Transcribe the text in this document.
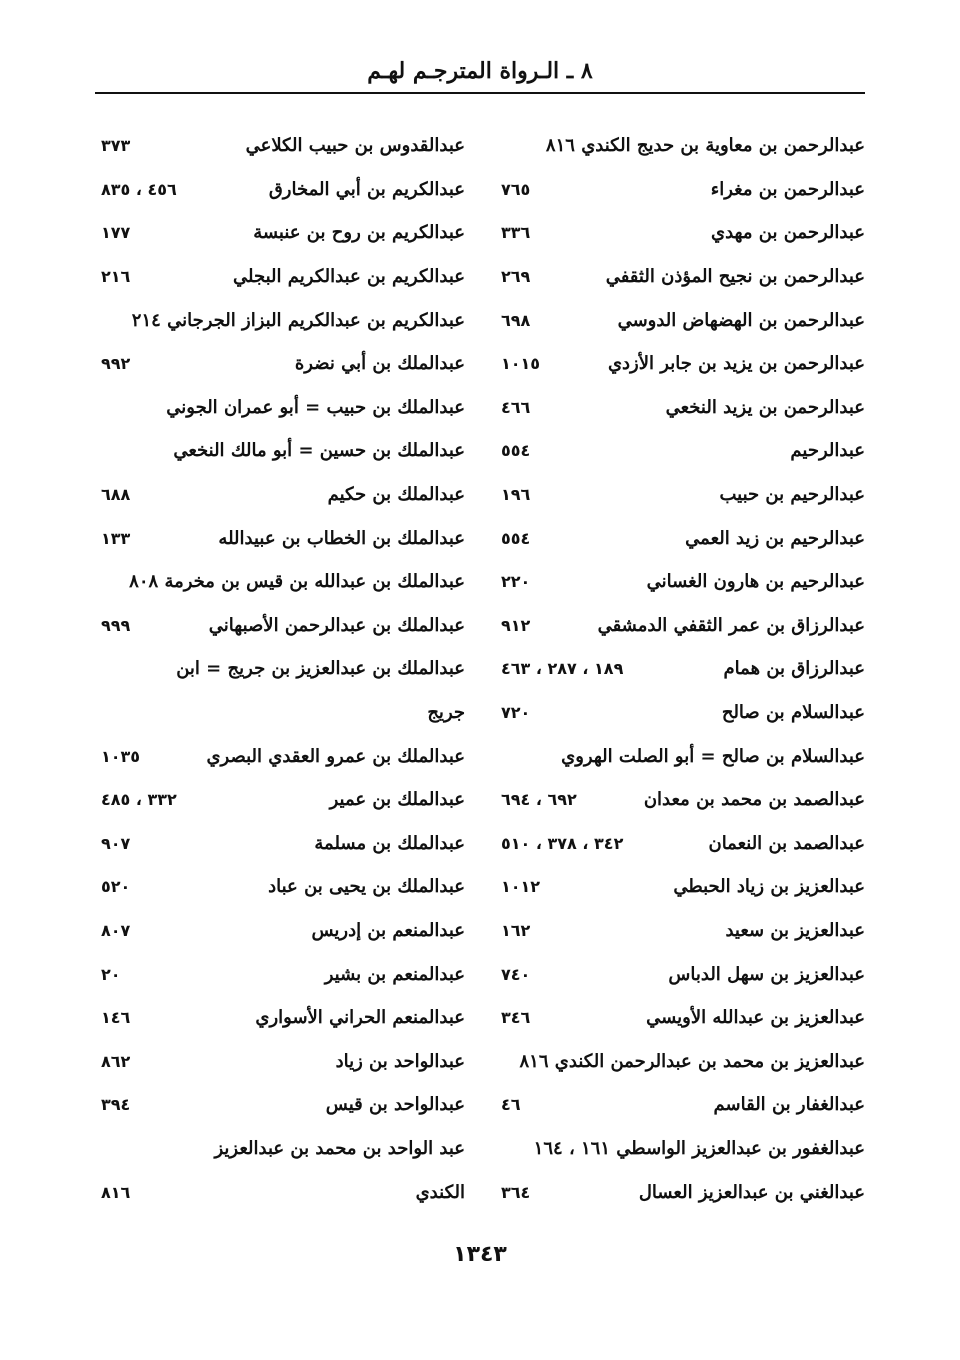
٨ ـ الـرواة المترجـم لهـم
عبدالرحمن بن معاوية بن حديج الكندي ٨١٦
عبدالرحمن بن مغراء
٧٦٥
عبدالرحمن بن مهدي
٣٣٦
عبدالرحمن بن نجيح المؤذن الثقفي
٢٦٩
عبدالرحمن بن الهضهاض الدوسي
٦٩٨
عبدالرحمن بن يزيد بن جابر الأزدي
١٠١٥
عبدالرحمن بن يزيد النخعي
٤٦٦
عبدالرحيم
٥٥٤
عبدالرحيم بن حبيب
١٩٦
عبدالرحيم بن زيد العمي
٥٥٤
عبدالرحيم بن هارون الغساني
٢٢٠
عبدالرزاق بن عمر الثقفي الدمشقي
٩١٢
عبدالرزاق بن همام
١٨٩ ، ٢٨٧ ، ٤٦٣
عبدالسلام بن صالح
٧٢٠
عبدالسلام بن صالح = أبو الصلت الهروي
عبدالصمد بن محمد بن معدان
٦٩٢ ، ٦٩٤
عبدالصمد بن النعمان
٣٤٢ ، ٣٧٨ ، ٥١٠
عبدالعزيز بن زياد الحبطي
١٠١٢
عبدالعزيز بن سعيد
١٦٢
عبدالعزيز بن سهل الدباس
٧٤٠
عبدالعزيز بن عبدالله الأويسي
٣٤٦
عبدالعزيز بن محمد بن عبدالرحمن الكندي ٨١٦
عبدالغفار بن القاسم
٤٦
عبدالغفور بن عبدالعزيز الواسطي ١٦١ ، ١٦٤
عبدالغني بن عبدالعزيز العسال
٣٦٤
عبدالقدوس بن حبيب الكلاعي
٣٧٣
عبدالكريم بن أبي المخارق
٤٥٦ ، ٨٣٥
عبدالكريم بن روح بن عنبسة
١٧٧
عبدالكريم بن عبدالكريم البجلي
٢١٦
عبدالكريم بن عبدالكريم البزاز الجرجاني ٢١٤
عبدالملك بن أبي نضرة
٩٩٢
عبدالملك بن حبيب = أبو عمران الجوني
عبدالملك بن حسين = أبو مالك النخعي
عبدالملك بن حكيم
٦٨٨
عبدالملك بن الخطاب بن عبيدالله
١٣٣
عبدالملك بن عبدالله بن قيس بن مخرمة ٨٠٨
عبدالملك بن عبدالرحمن الأصبهاني
٩٩٩
عبدالملك بن عبدالعزيز بن جريج = ابن
جريج
عبدالملك بن عمرو العقدي البصري
١٠٣٥
عبدالملك بن عمير
٣٣٢ ، ٤٨٥
عبدالملك بن مسلمة
٩٠٧
عبدالملك بن يحيى بن عباد
٥٢٠
عبدالمنعم بن إدريس
٨٠٧
عبدالمنعم بن بشير
٢٠
عبدالمنعم الحراني الأسواري
١٤٦
عبدالواحد بن زياد
٨٦٢
عبدالواحد بن قيس
٣٩٤
عبد الواحد بن محمد بن عبدالعزيز
الكندي
٨١٦
١٣٤٣
